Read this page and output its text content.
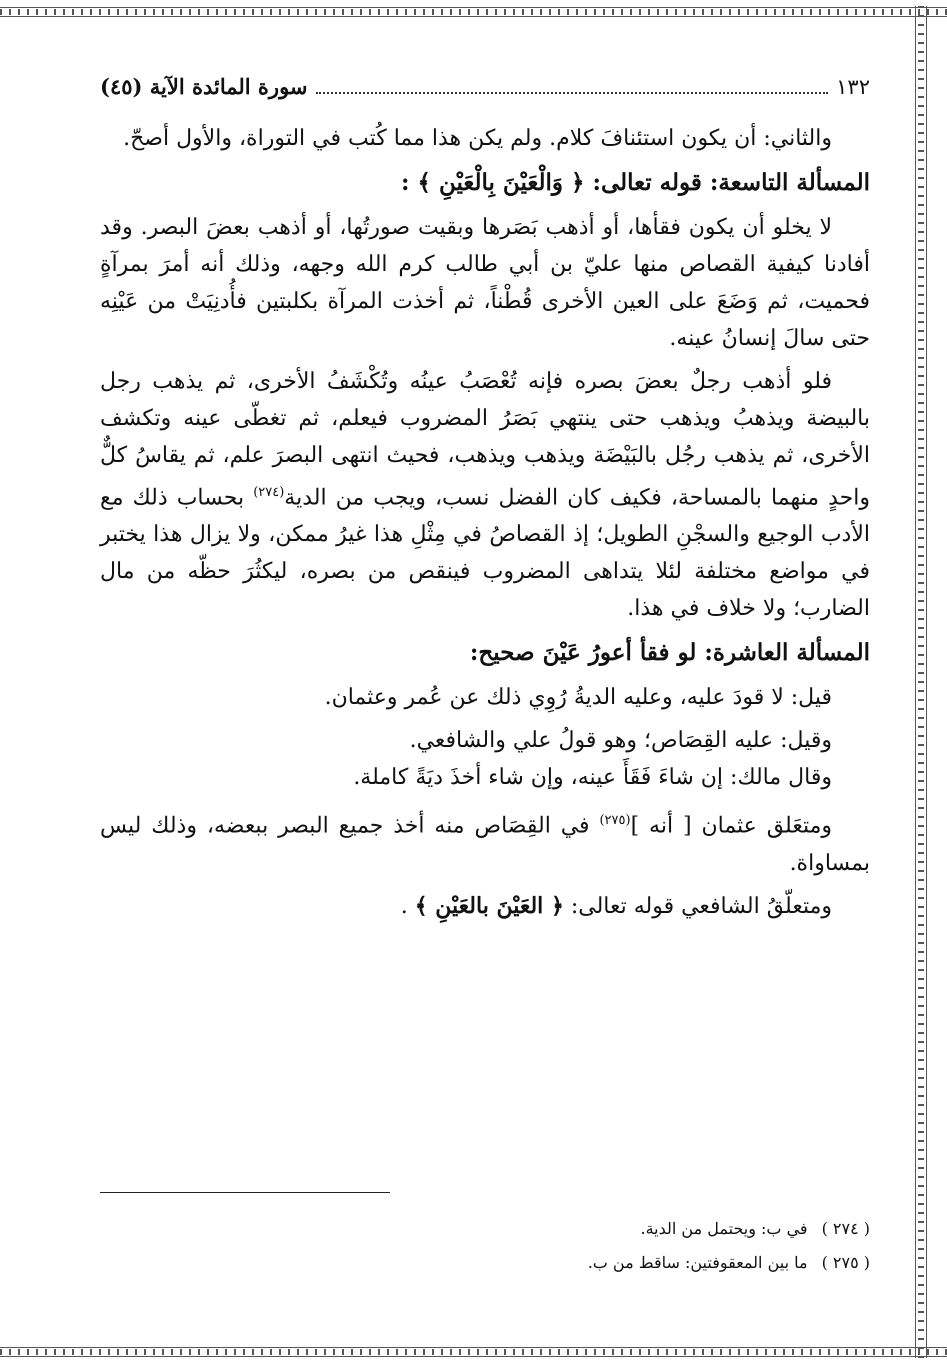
١٣٢
سورة المائدة الآية (٤٥)

والثاني: أن يكون استئنافَ كلام. ولم يكن هذا مما كُتب في التوراة، والأول أصحّ.

المسألة التاسعة: قوله تعالى: ﴿ وَالْعَيْنَ بِالْعَيْنِ ﴾ :

لا يخلو أن يكون فقأها، أو أذهب بَصَرها وبقيت صورتُها، أو أذهب بعضَ البصر. وقد أفادنا كيفية القصاص منها عليّ بن أبي طالب كرم الله وجهه، وذلك أنه أمرَ بمرآةٍ فحميت، ثم وَضَعَ على العين الأخرى قُطْناً، ثم أخذت المرآة بكلبتين فأُدنِيَتْ من عَيْنِه حتى سالَ إنسانُ عينه.

فلو أذهب رجلٌ بعضَ بصره فإنه تُعْصَبُ عينُه وتُكْشَفُ الأخرى، ثم يذهب رجل بالبيضة ويذهبُ ويذهب حتى ينتهي بَصَرُ المضروب فيعلم، ثم تغطّى عينه وتكشف الأخرى، ثم يذهب رجُل بالبَيْضَة ويذهب ويذهب، فحيث انتهى البصرَ علم، ثم يقاسُ كلٌّ واحدٍ منهما بالمساحة، فكيف كان الفضل نسب، ويجب من الدية$^{(٢٧٤)}$ بحساب ذلك مع الأدب الوجيع والسجْنِ الطويل؛ إذ القصاصُ في مِثْلِ هذا غيرُ ممكن، ولا يزال هذا يختبر في مواضع مختلفة لئلا يتداهى المضروب فينقص من بصره، ليكثُرَ حظّه من مال الضارب؛ ولا خلاف في هذا.

المسألة العاشرة: لو فقأ أعورُ عَيْنَ صحيح:

قيل: لا قودَ عليه، وعليه الديةُ رُوِي ذلك عن عُمر وعثمان.

وقيل: عليه القِصَاص؛ وهو قولُ علي والشافعي.

وقال مالك: إن شاءَ فَقَأَ عينه، وإن شاء أخذَ ديَةً كاملة.

ومتعَلق عثمان [ أنه ]$^{(٢٧٥)}$ في القِصَاص منه أخذ جميع البصر ببعضه، وذلك ليس بمساواة.

ومتعلّقُ الشافعي قوله تعالى: ﴿ العَيْنَ بالعَيْنِ ﴾ .

( ٢٧٤ )في ب: ويحتمل من الدية.
( ٢٧٥ )ما بين المعقوفتين: ساقط من ب.
